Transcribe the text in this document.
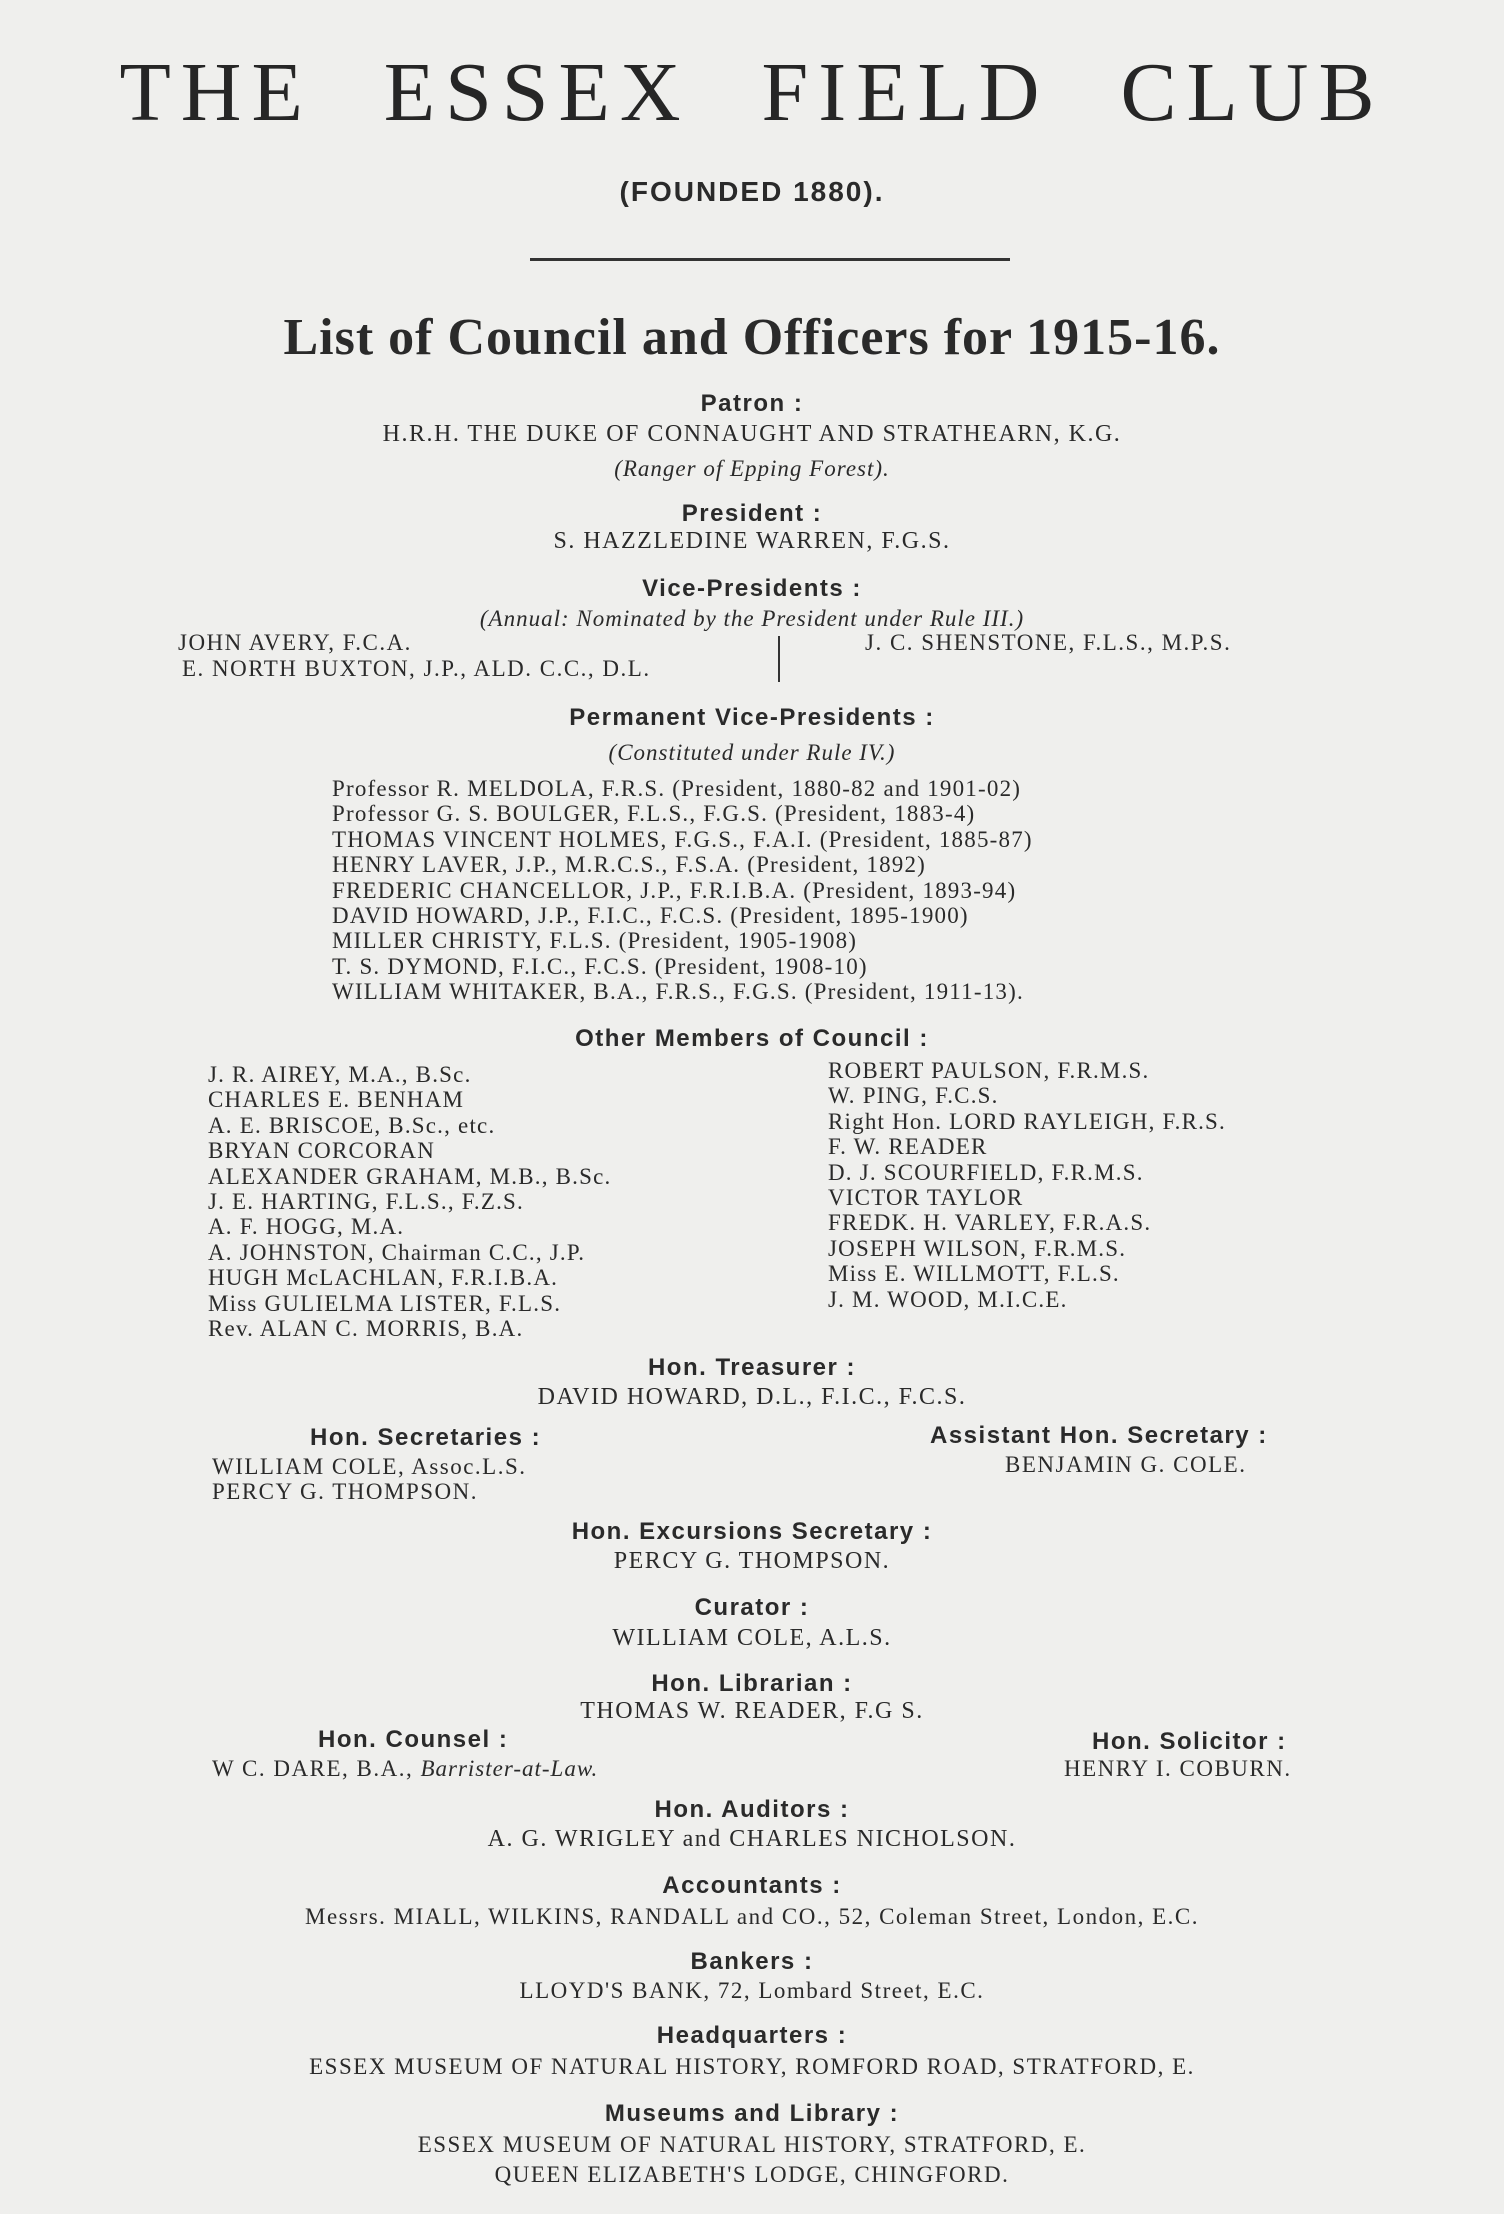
THE ESSEX FIELD CLUB
(FOUNDED 1880).
List of Council and Officers for 1915-16.
Patron :
H.R.H. THE DUKE OF CONNAUGHT AND STRATHEARN, K.G.
(Ranger of Epping Forest).
President :
S. HAZZLEDINE WARREN, F.G.S.
Vice-Presidents :
(Annual: Nominated by the President under Rule III.)
JOHN AVERY, F.C.A.
E. NORTH BUXTON, J.P., ALD. C.C., D.L.
J. C. SHENSTONE, F.L.S., M.P.S.
Permanent Vice-Presidents :
(Constituted under Rule IV.)
Professor R. MELDOLA, F.R.S. (President, 1880-82 and 1901-02)
Professor G. S. BOULGER, F.L.S., F.G.S. (President, 1883-4)
THOMAS VINCENT HOLMES, F.G.S., F.A.I. (President, 1885-87)
HENRY LAVER, J.P., M.R.C.S., F.S.A. (President, 1892)
FREDERIC CHANCELLOR, J.P., F.R.I.B.A. (President, 1893-94)
DAVID HOWARD, J.P., F.I.C., F.C.S. (President, 1895-1900)
MILLER CHRISTY, F.L.S. (President, 1905-1908)
T. S. DYMOND, F.I.C., F.C.S. (President, 1908-10)
WILLIAM WHITAKER, B.A., F.R.S., F.G.S. (President, 1911-13).
Other Members of Council :
J. R. AIREY, M.A., B.Sc.
CHARLES E. BENHAM
A. E. BRISCOE, B.Sc., etc.
BRYAN CORCORAN
ALEXANDER GRAHAM, M.B., B.Sc.
J. E. HARTING, F.L.S., F.Z.S.
A. F. HOGG, M.A.
A. JOHNSTON, Chairman C.C., J.P.
HUGH McLACHLAN, F.R.I.B.A.
Miss GULIELMA LISTER, F.L.S.
Rev. ALAN C. MORRIS, B.A.
ROBERT PAULSON, F.R.M.S.
W. PING, F.C.S.
Right Hon. LORD RAYLEIGH, F.R.S.
F. W. READER
D. J. SCOURFIELD, F.R.M.S.
VICTOR TAYLOR
FREDK. H. VARLEY, F.R.A.S.
JOSEPH WILSON, F.R.M.S.
Miss E. WILLMOTT, F.L.S.
J. M. WOOD, M.I.C.E.
Hon. Treasurer :
DAVID HOWARD, D.L., F.I.C., F.C.S.
Hon. Secretaries :
WILLIAM COLE, Assoc.L.S.
PERCY G. THOMPSON.
Assistant Hon. Secretary :
BENJAMIN G. COLE.
Hon. Excursions Secretary :
PERCY G. THOMPSON.
Curator :
WILLIAM COLE, A.L.S.
Hon. Librarian :
THOMAS W. READER, F.G S.
Hon. Counsel :
W C. DARE, B.A., Barrister-at-Law.
Hon. Solicitor :
HENRY I. COBURN.
Hon. Auditors :
A. G. WRIGLEY and CHARLES NICHOLSON.
Accountants :
Messrs. MIALL, WILKINS, RANDALL and CO., 52, Coleman Street, London, E.C.
Bankers :
LLOYD'S BANK, 72, Lombard Street, E.C.
Headquarters :
ESSEX MUSEUM OF NATURAL HISTORY, ROMFORD ROAD, STRATFORD, E.
Museums and Library :
ESSEX MUSEUM OF NATURAL HISTORY, STRATFORD, E.
QUEEN ELIZABETH'S LODGE, CHINGFORD.
